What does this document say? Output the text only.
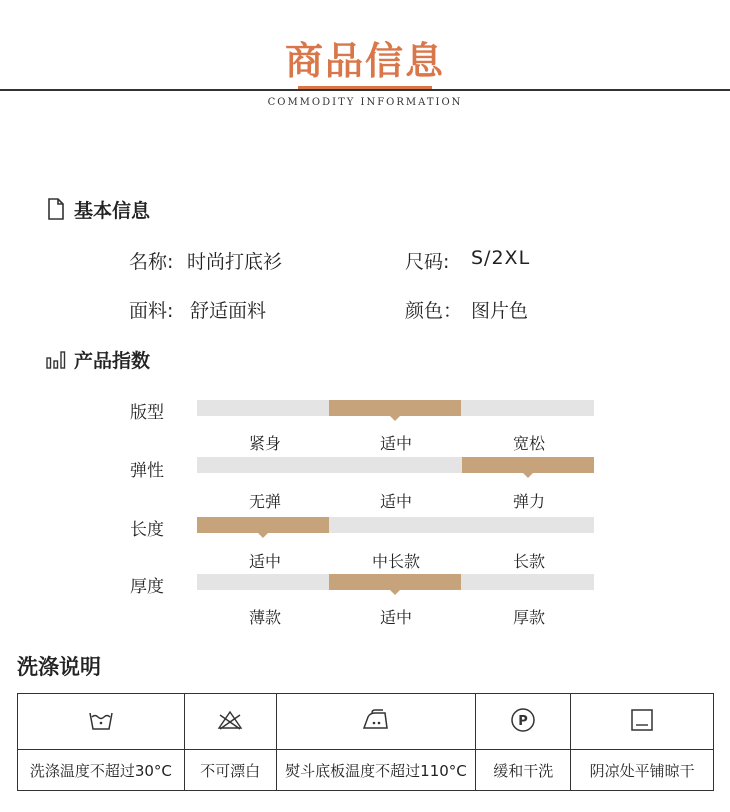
商品信息
COMMODITY INFORMATION
基本信息
名称: 时尚打底衫	尺码: S/2XL
面料: 舒适面料	颜色： 图片色
产品指数
版型
紧身	适中	宽松
弹性
无弹	适中	弹力
长度
适中	中长款	长款
厚度
薄款	适中	厚款
洗涤说明

P

洗涤温度不超过30°C	不可漂白	熨斗底板温度不超过110°C	缓和干洗	阴凉处平铺晾干
